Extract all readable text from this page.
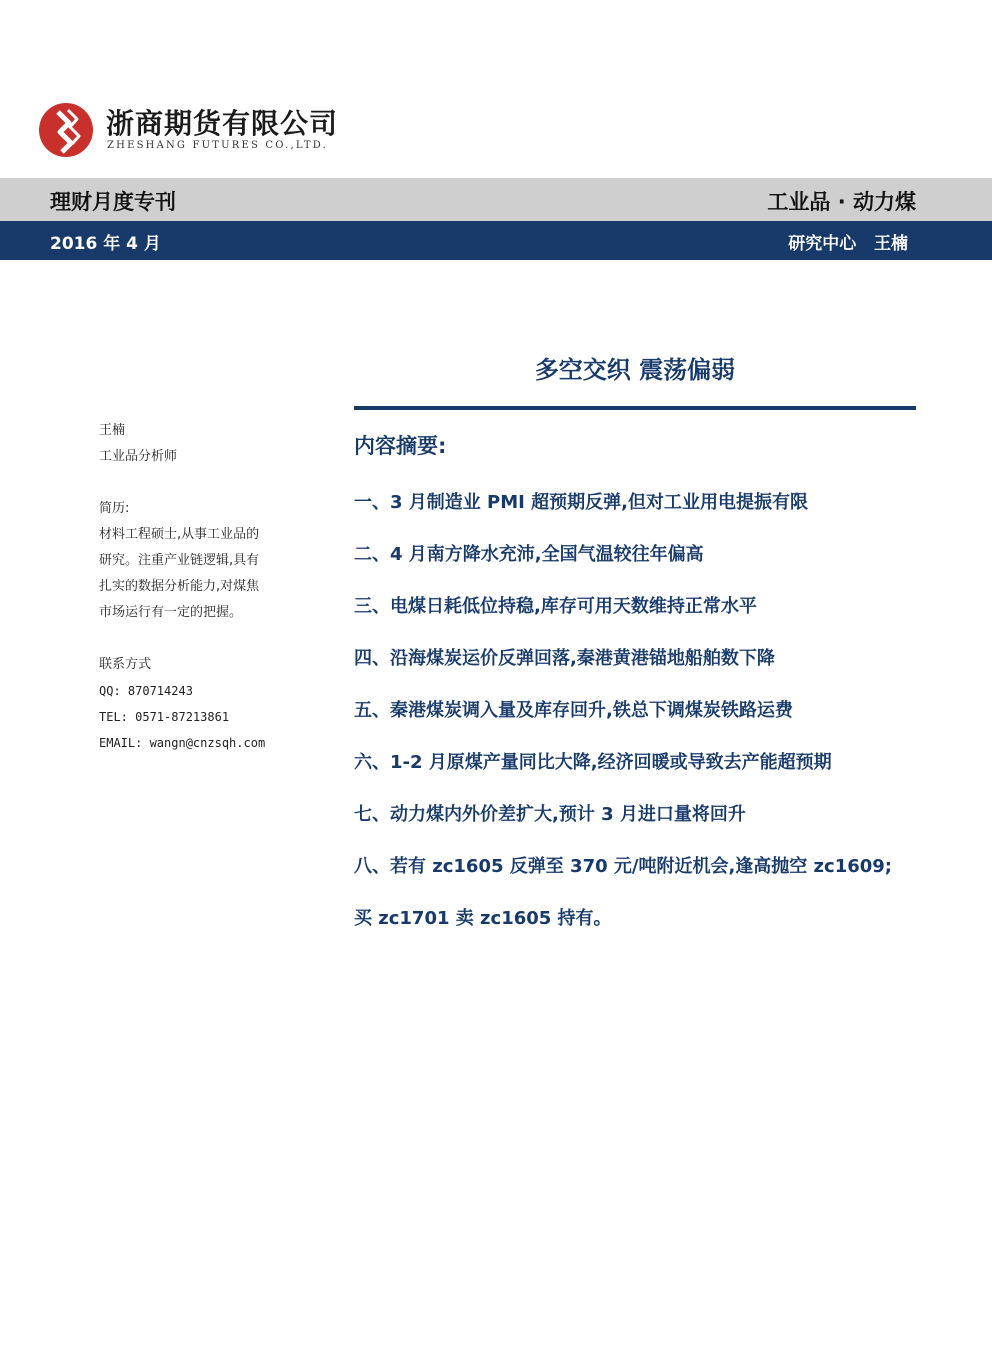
浙商期货有限公司
ZHESHANG FUTURES CO.,LTD.
理财月度专刊	工业品 · 动力煤
2016 年 4 月	研究中心 王楠
多空交织 震荡偏弱
王楠
工业品分析师
简历:
材料工程硕士,从事工业品的
研究。注重产业链逻辑,具有
扎实的数据分析能力,对煤焦
市场运行有一定的把握。
联系方式
QQ: 870714243
TEL: 0571-87213861
EMAIL: wangn@cnzsqh.com
内容摘要:
一、3 月制造业 PMI 超预期反弹,但对工业用电提振有限
二、4 月南方降水充沛,全国气温较往年偏高
三、电煤日耗低位持稳,库存可用天数维持正常水平
四、沿海煤炭运价反弹回落,秦港黄港锚地船舶数下降
五、秦港煤炭调入量及库存回升,铁总下调煤炭铁路运费
六、1-2 月原煤产量同比大降,经济回暖或导致去产能超预期
七、动力煤内外价差扩大,预计 3 月进口量将回升
八、若有 zc1605 反弹至 370 元/吨附近机会,逢高抛空 zc1609;
买 zc1701 卖 zc1605 持有。
